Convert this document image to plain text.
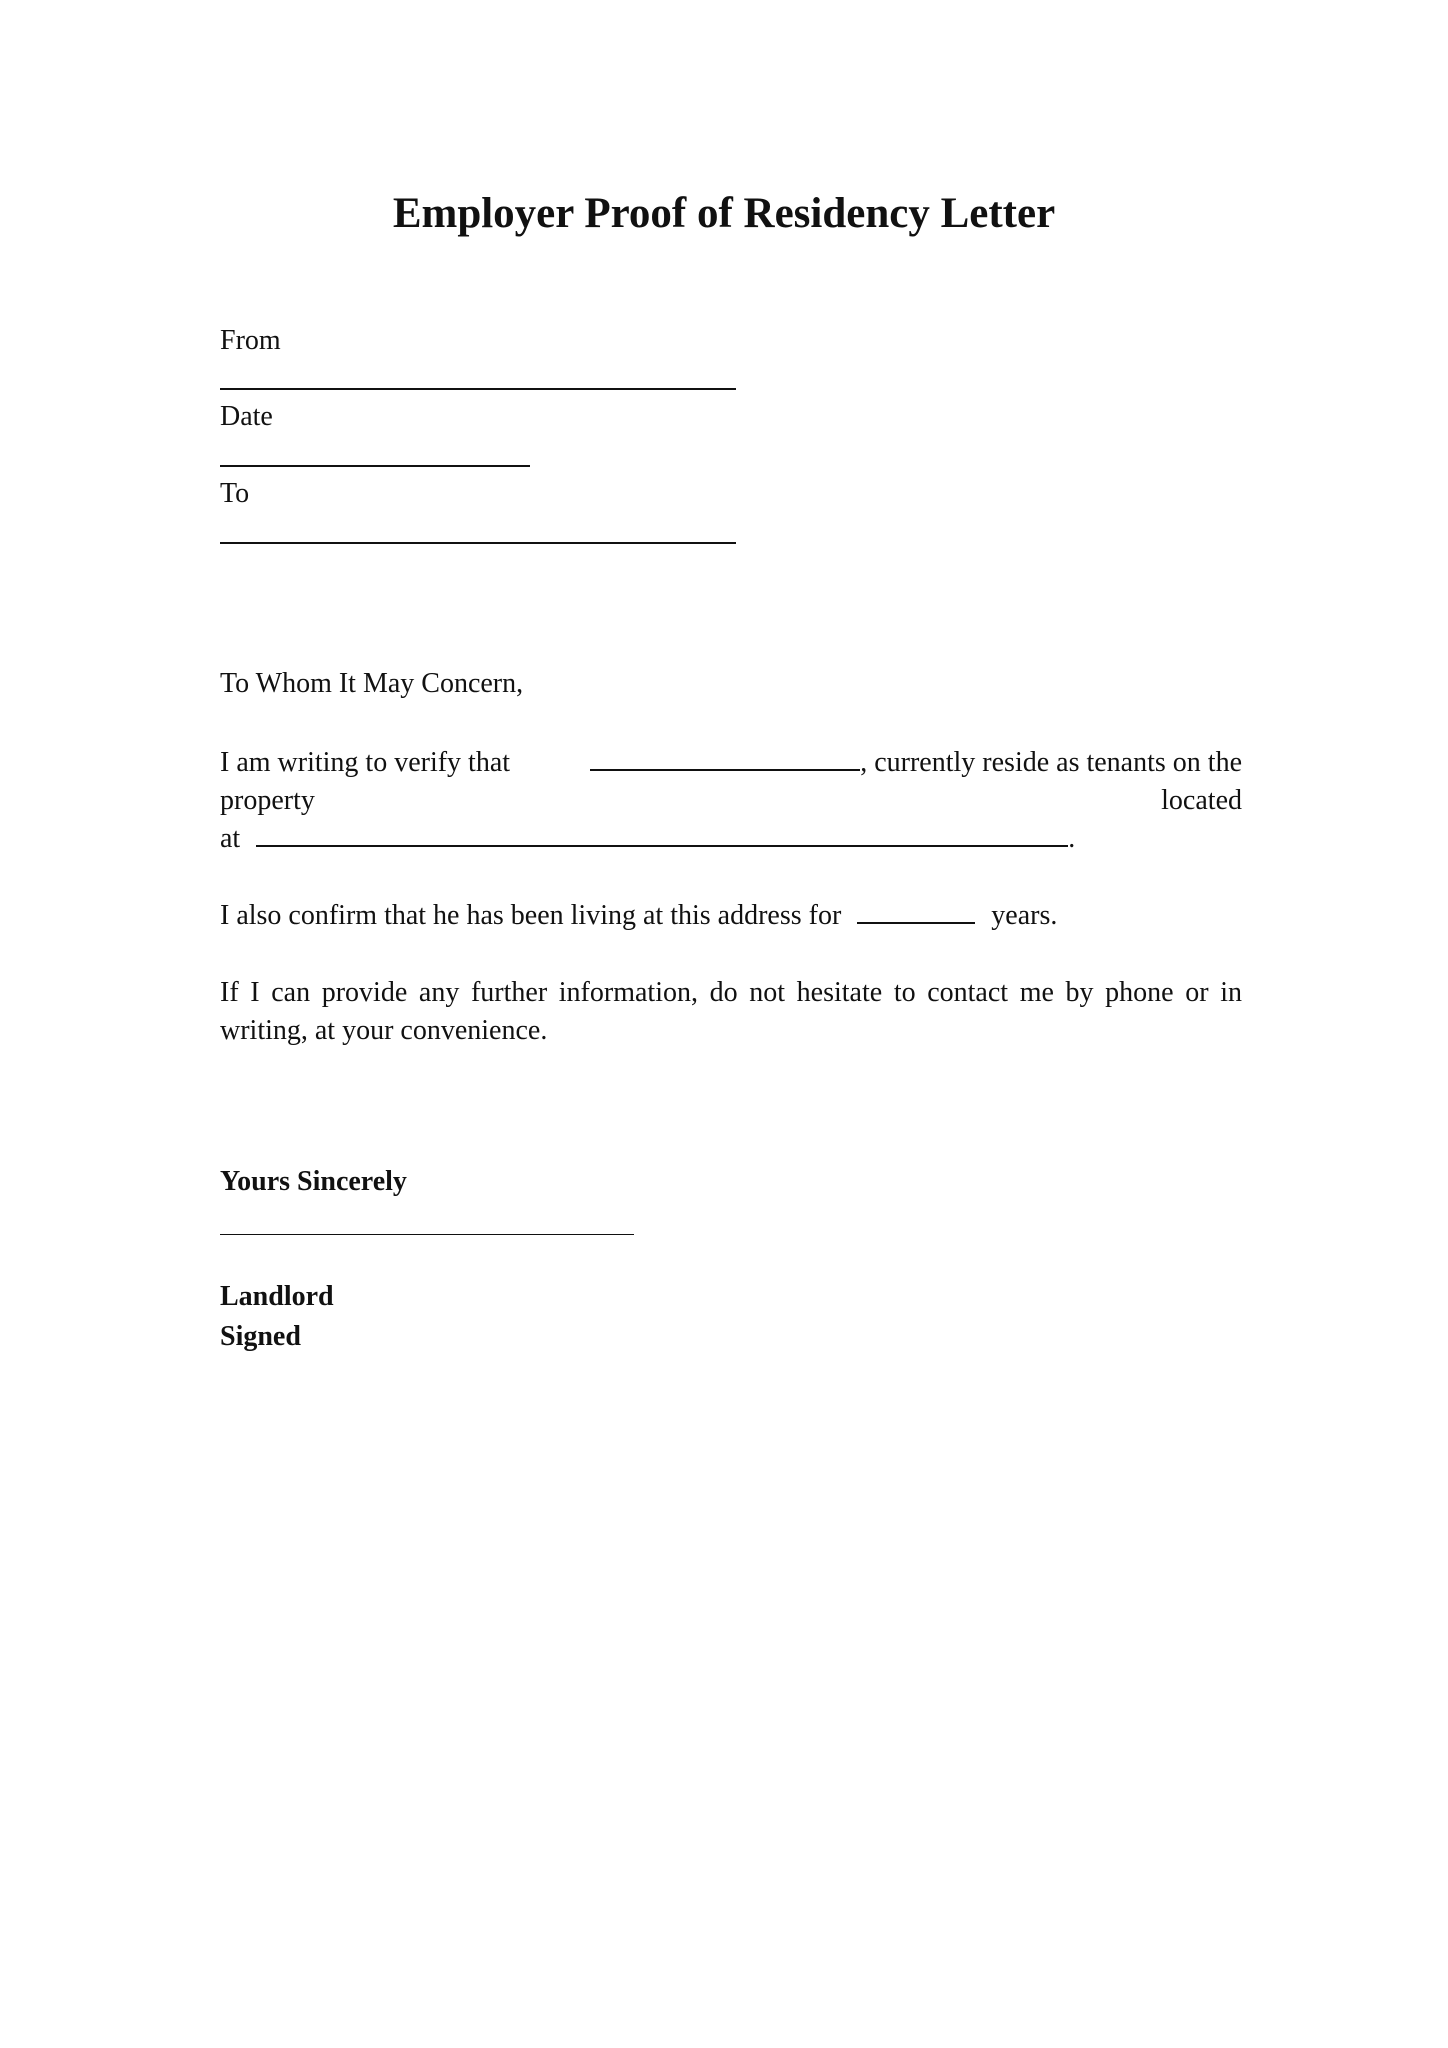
Employer Proof of Residency Letter
From
Date
To
To Whom It May Concern,
I am writing to verify that	, currently reside as tenants on the
property	located
at	.
I also confirm that he has been living at this address for	years.
If I can provide any further information, do not hesitate to contact me by phone or in
writing, at your convenience.
Yours Sincerely
Landlord
Signed
